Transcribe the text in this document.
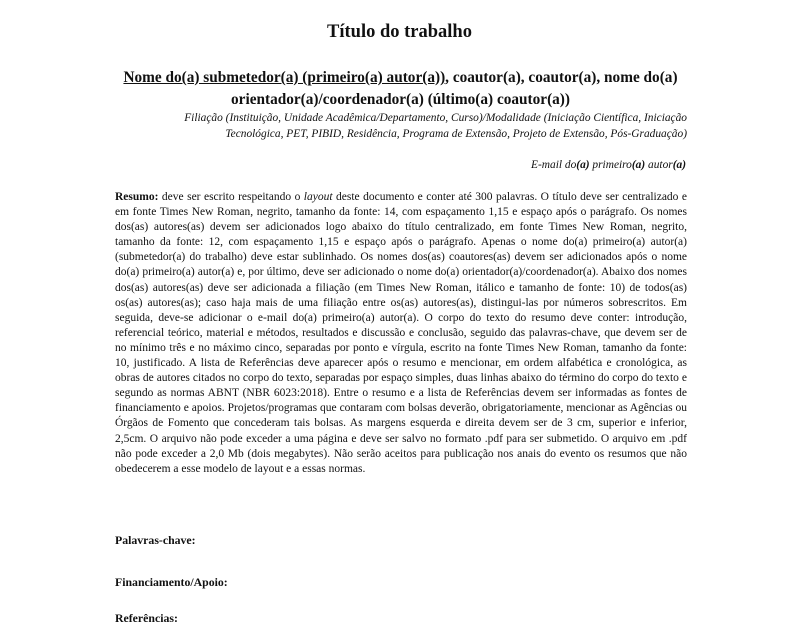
Título do trabalho
Nome do(a) submetedor(a) (primeiro(a) autor(a)), coautor(a), coautor(a), nome do(a) orientador(a)/coordenador(a) (último(a) coautor(a))
Filiação (Instituição, Unidade Acadêmica/Departamento, Curso)/Modalidade (Iniciação Científica, Iniciação Tecnológica, PET, PIBID, Residência, Programa de Extensão, Projeto de Extensão, Pós-Graduação)
E-mail do(a) primeiro(a) autor(a)
Resumo: deve ser escrito respeitando o layout deste documento e conter até 300 palavras. O título deve ser centralizado e em fonte Times New Roman, negrito, tamanho da fonte: 14, com espaçamento 1,15 e espaço após o parágrafo. Os nomes dos(as) autores(as) devem ser adicionados logo abaixo do título centralizado, em fonte Times New Roman, negrito, tamanho da fonte: 12, com espaçamento 1,15 e espaço após o parágrafo. Apenas o nome do(a) primeiro(a) autor(a) (submetedor(a) do trabalho) deve estar sublinhado. Os nomes dos(as) coautores(as) devem ser adicionados após o nome do(a) primeiro(a) autor(a) e, por último, deve ser adicionado o nome do(a) orientador(a)/coordenador(a). Abaixo dos nomes dos(as) autores(as) deve ser adicionada a filiação (em Times New Roman, itálico e tamanho de fonte: 10) de todos(as) os(as) autores(as); caso haja mais de uma filiação entre os(as) autores(as), distingui-las por números sobrescritos. Em seguida, deve-se adicionar o e-mail do(a) primeiro(a) autor(a). O corpo do texto do resumo deve conter: introdução, referencial teórico, material e métodos, resultados e discussão e conclusão, seguido das palavras-chave, que devem ser de no mínimo três e no máximo cinco, separadas por ponto e vírgula, escrito na fonte Times New Roman, tamanho da fonte: 10, justificado. A lista de Referências deve aparecer após o resumo e mencionar, em ordem alfabética e cronológica, as obras de autores citados no corpo do texto, separadas por espaço simples, duas linhas abaixo do término do corpo do texto e segundo as normas ABNT (NBR 6023:2018). Entre o resumo e a lista de Referências devem ser informadas as fontes de financiamento e apoios. Projetos/programas que contaram com bolsas deverão, obrigatoriamente, mencionar as Agências ou Órgãos de Fomento que concederam tais bolsas. As margens esquerda e direita devem ser de 3 cm, superior e inferior, 2,5cm. O arquivo não pode exceder a uma página e deve ser salvo no formato .pdf para ser submetido. O arquivo em .pdf não pode exceder a 2,0 Mb (dois megabytes). Não serão aceitos para publicação nos anais do evento os resumos que não obedecerem a esse modelo de layout e a essas normas.
Palavras-chave:
Financiamento/Apoio:
Referências:
